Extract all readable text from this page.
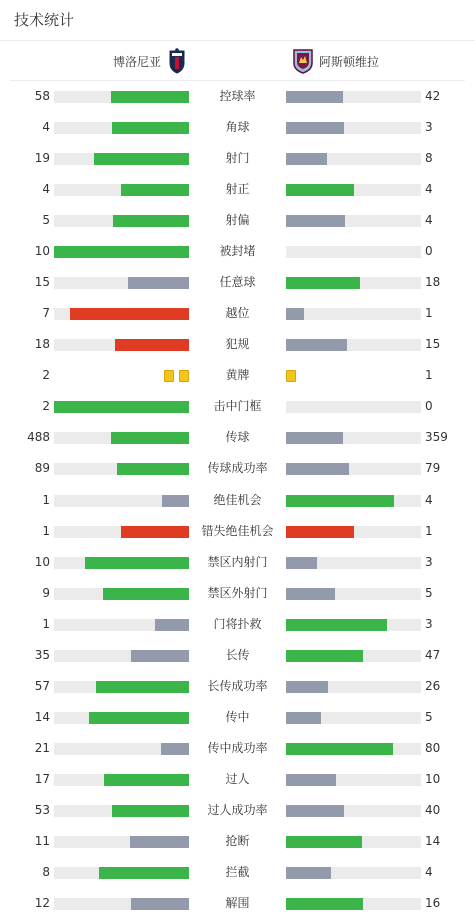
技术统计
博洛尼亚	阿斯顿维拉
58	控球率	42
4	角球	3
19	射门	8
4	射正	4
5	射偏	4
10	被封堵	0
15	任意球	18
7	越位	1
18	犯规	15
2	黄牌	1
2	击中门框	0
488	传球	359
89	传球成功率	79
1	绝佳机会	4
1	错失绝佳机会	1
10	禁区内射门	3
9	禁区外射门	5
1	门将扑救	3
35	长传	47
57	长传成功率	26
14	传中	5
21	传中成功率	80
17	过人	10
53	过人成功率	40
11	抢断	14
8	拦截	4
12	解围	16
